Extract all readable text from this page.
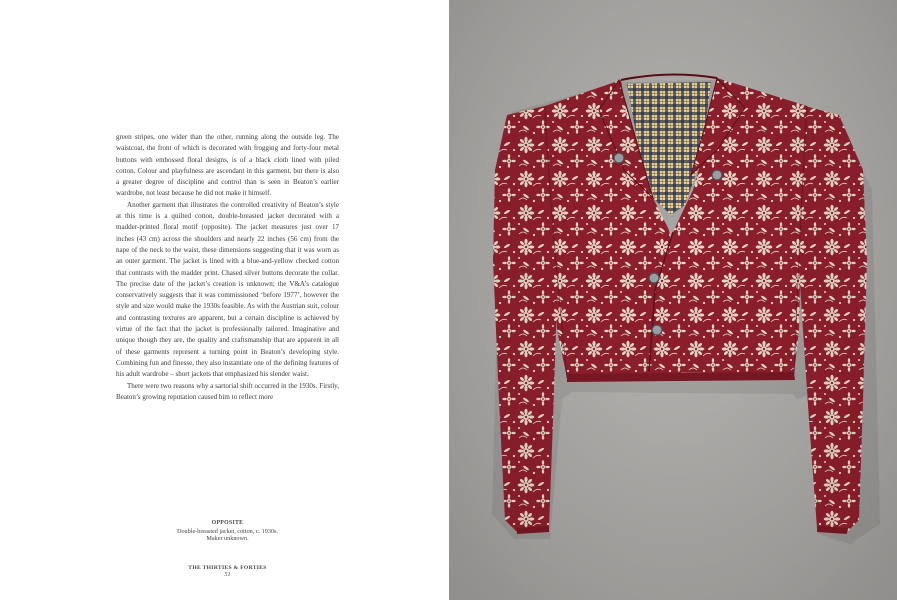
green stripes, one wider than the other, running along the outside leg. The waistcoat, the front of which is decorated with frogging and forty-four metal buttons with embossed floral designs, is of a black cloth lined with piled cotton. Colour and playfulness are ascendant in this garment, but there is also a greater degree of discipline and control than is seen in Beaton’s earlier wardrobe, not least because he did not make it himself.

Another garment that illustrates the controlled creativity of Beaton’s style at this time is a quilted cotton, double-breasted jacket decorated with a madder-printed floral motif (opposite). The jacket measures just over 17 inches (43 cm) across the shoulders and nearly 22 inches (56 cm) from the nape of the neck to the waist, these dimensions suggesting that it was worn as an outer garment. The jacket is lined with a blue-and-yellow checked cotton that contrasts with the madder print. Chased silver buttons decorate the collar. The precise date of the jacket’s creation is unknown; the V&A’s catalogue conservatively suggests that it was commissioned ‘before 1977’, however the style and size would make the 1930s feasible. As with the Austrian suit, colour and contrasting textures are apparent, but a certain discipline is achieved by virtue of the fact that the jacket is professionally tailored. Imaginative and unique though they are, the quality and craftsmanship that are apparent in all of these garments represent a turning point in Beaton’s developing style. Combining fun and finesse, they also instantiate one of the defining features of his adult wardrobe – short jackets that emphasized his slender waist.

There were two reasons why a sartorial shift occurred in the 1930s. Firstly, Beaton’s growing reputation caused him to reflect more

OPPOSITE
Double-breasted jacket, cotton, c. 1930s.
Maker unknown.
THE THIRTIES & FORTIES
51
